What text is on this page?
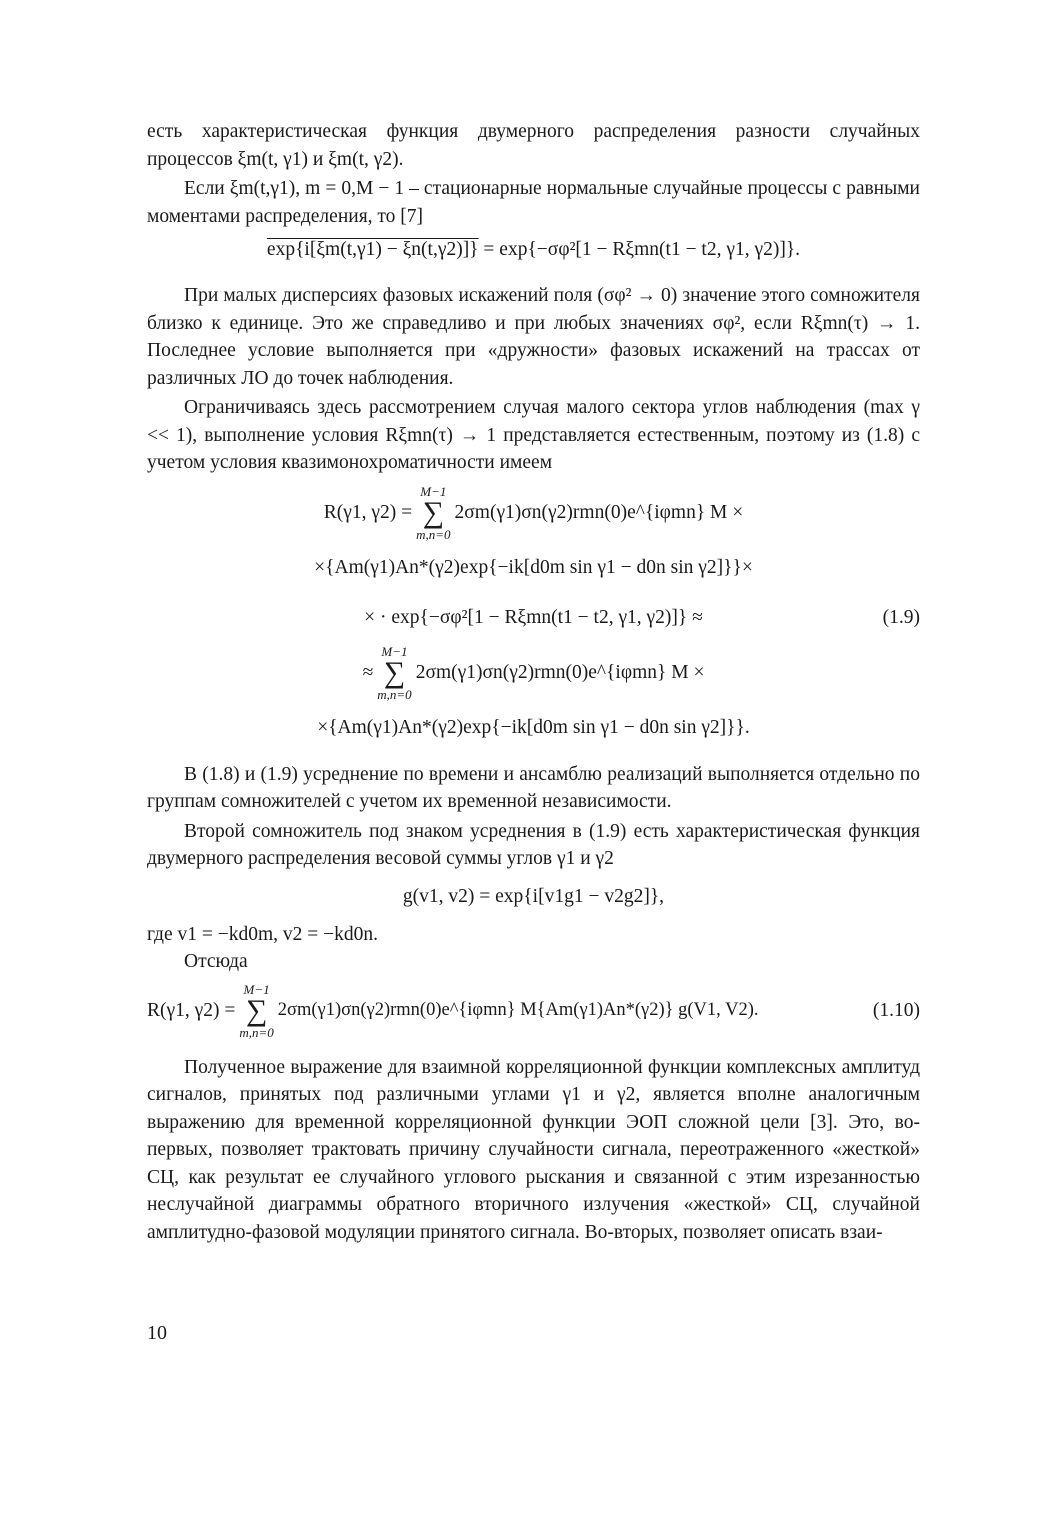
есть характеристическая функция двумерного распределения разности случайных процессов ξm(t, γ1) и ξm(t, γ2).

Если ξm(t,γ1), m = 0,M − 1 – стационарные нормальные случайные процессы с равными моментами распределения, то [7]

exp{i[ξm(t,γ1) − ξn(t,γ2)]}
= exp{−σφ²[1 − Rξmn(t1 − t2, γ1, γ2)]}.

При малых дисперсиях фазовых искажений поля (σφ² → 0) значение этого сомножителя близко к единице. Это же справедливо и при любых значениях σφ², если Rξmn(τ) → 1. Последнее условие выполняется при «дружности» фазовых искажений на трассах от различных ЛО до точек наблюдения.

Ограничиваясь здесь рассмотрением случая малого сектора углов наблюдения (max γ << 1), выполнение условия Rξmn(τ) → 1 представляется естественным, поэтому из (1.8) с учетом условия квазимонохроматичности имеем

R(γ1, γ2) =
M−1
∑
m,n=0
2σm(γ1)σn(γ2)rmn(0)e^{iφmn} M ×
×{Am(γ1)An*(γ2)exp{−ik[d0m sin γ1 − d0n sin γ2]}}×
× · exp{−σφ²[1 − Rξmn(t1 − t2, γ1, γ2)]} ≈	(1.9)
≈
M−1
∑
m,n=0
2σm(γ1)σn(γ2)rmn(0)e^{iφmn} M ×
×{Am(γ1)An*(γ2)exp{−ik[d0m sin γ1 − d0n sin γ2]}}.

В (1.8) и (1.9) усреднение по времени и ансамблю реализаций выполняется отдельно по группам сомножителей с учетом их временной независимости.

Второй сомножитель под знаком усреднения в (1.9) есть характеристическая функция двумерного распределения весовой суммы углов γ1 и γ2

g(v1, v2) = exp{i[v1g1 − v2g2]},

где v1 = −kd0m, v2 = −kd0n.

Отсюда

R(γ1, γ2) =
M−1
∑
m,n=0
2σm(γ1)σn(γ2)rmn(0)e^{iφmn} M{Am(γ1)An*(γ2)} g(V1, V2).	(1.10)

Полученное выражение для взаимной корреляционной функции комплексных амплитуд сигналов, принятых под различными углами γ1 и γ2, является вполне аналогичным выражению для временной корреляционной функции ЭОП сложной цели [3]. Это, во-первых, позволяет трактовать причину случайности сигнала, переотраженного «жесткой» СЦ, как результат ее случайного углового рыскания и связанной с этим изрезанностью неслучайной диаграммы обратного вторичного излучения «жесткой» СЦ, случайной амплитудно-фазовой модуляции принятого сигнала. Во-вторых, позволяет описать взаи-

10
